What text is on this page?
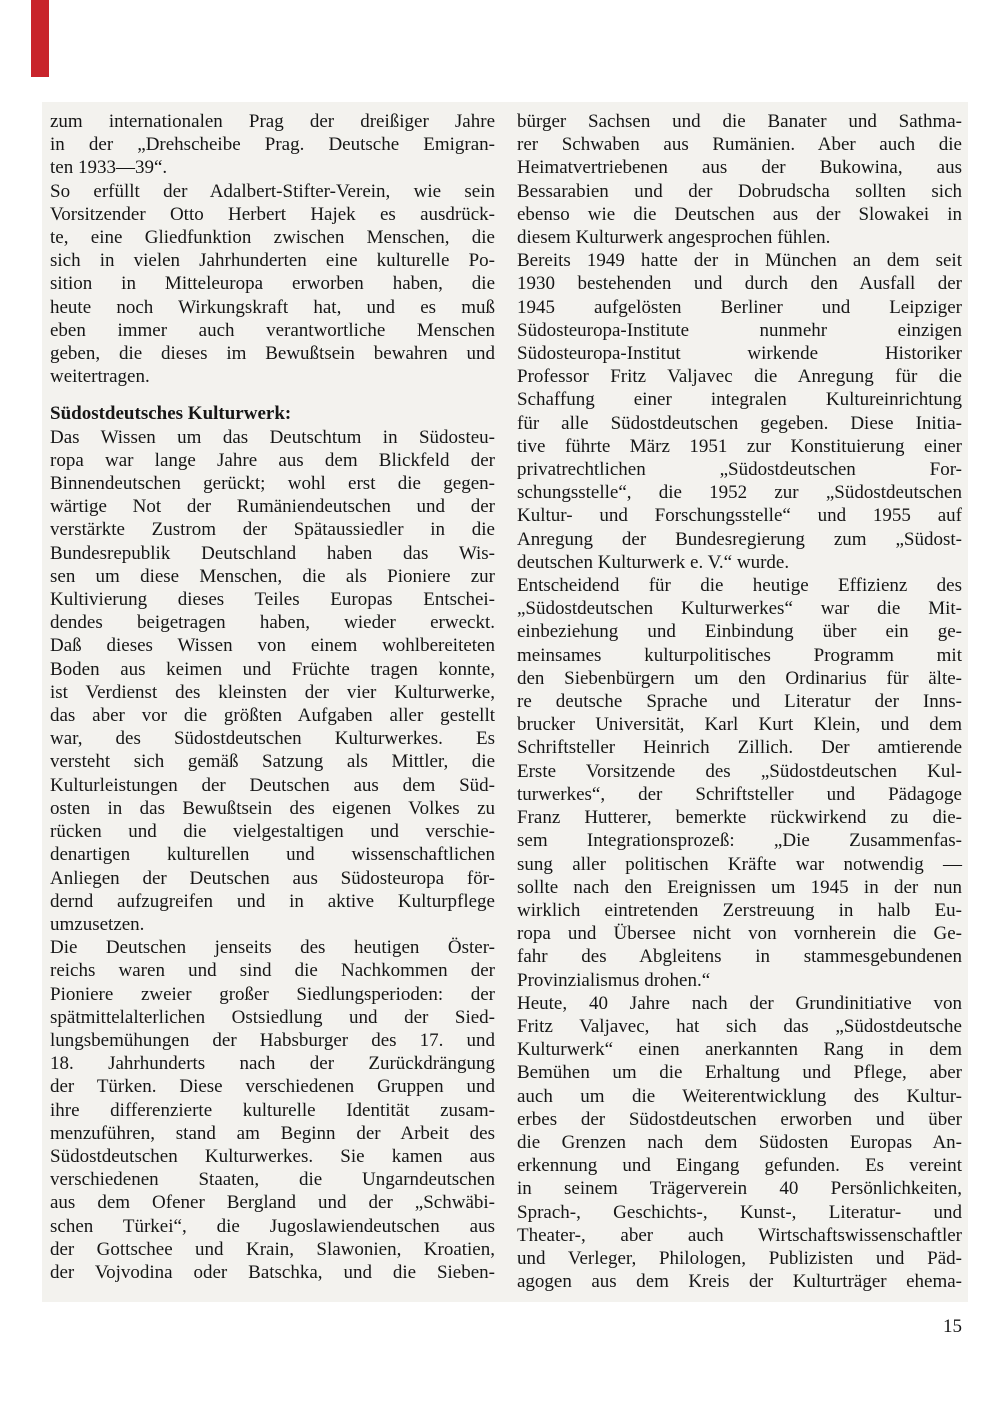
zum internationalen Prag der dreißiger Jahre
in der „Drehscheibe Prag. Deutsche Emigran-
ten 1933—39“.
So erfüllt der Adalbert-Stifter-Verein, wie sein
Vorsitzender Otto Herbert Hajek es ausdrück-
te, eine Gliedfunktion zwischen Menschen, die
sich in vielen Jahrhunderten eine kulturelle Po-
sition in Mitteleuropa erworben haben, die
heute noch Wirkungskraft hat, und es muß
eben immer auch verantwortliche Menschen
geben, die dieses im Bewußtsein bewahren und
weitertragen.
Südostdeutsches Kulturwerk:
Das Wissen um das Deutschtum in Südosteu-
ropa war lange Jahre aus dem Blickfeld der
Binnendeutschen gerückt; wohl erst die gegen-
wärtige Not der Rumäniendeutschen und der
verstärkte Zustrom der Spätaussiedler in die
Bundesrepublik Deutschland haben das Wis-
sen um diese Menschen, die als Pioniere zur
Kultivierung dieses Teiles Europas Entschei-
dendes beigetragen haben, wieder erweckt.
Daß dieses Wissen von einem wohlbereiteten
Boden aus keimen und Früchte tragen konnte,
ist Verdienst des kleinsten der vier Kulturwerke,
das aber vor die größten Aufgaben aller gestellt
war, des Südostdeutschen Kulturwerkes. Es
versteht sich gemäß Satzung als Mittler, die
Kulturleistungen der Deutschen aus dem Süd-
osten in das Bewußtsein des eigenen Volkes zu
rücken und die vielgestaltigen und verschie-
denartigen kulturellen und wissenschaftlichen
Anliegen der Deutschen aus Südosteuropa för-
dernd aufzugreifen und in aktive Kulturpflege
umzusetzen.
Die Deutschen jenseits des heutigen Öster-
reichs waren und sind die Nachkommen der
Pioniere zweier großer Siedlungsperioden: der
spätmittelalterlichen Ostsiedlung und der Sied-
lungsbemühungen der Habsburger des 17. und
18. Jahrhunderts nach der Zurückdrängung
der Türken. Diese verschiedenen Gruppen und
ihre differenzierte kulturelle Identität zusam-
menzuführen, stand am Beginn der Arbeit des
Südostdeutschen Kulturwerkes. Sie kamen aus
verschiedenen Staaten, die Ungarndeutschen
aus dem Ofener Bergland und der „Schwäbi-
schen Türkei“, die Jugoslawiendeutschen aus
der Gottschee und Krain, Slawonien, Kroatien,
der Vojvodina oder Batschka, und die Sieben-
bürger Sachsen und die Banater und Sathma-
rer Schwaben aus Rumänien. Aber auch die
Heimatvertriebenen aus der Bukowina, aus
Bessarabien und der Dobrudscha sollten sich
ebenso wie die Deutschen aus der Slowakei in
diesem Kulturwerk angesprochen fühlen.
Bereits 1949 hatte der in München an dem seit
1930 bestehenden und durch den Ausfall der
1945 aufgelösten Berliner und Leipziger
Südosteuropa-Institute nunmehr einzigen
Südosteuropa-Institut wirkende Historiker
Professor Fritz Valjavec die Anregung für die
Schaffung einer integralen Kultureinrichtung
für alle Südostdeutschen gegeben. Diese Initia-
tive führte März 1951 zur Konstituierung einer
privatrechtlichen „Südostdeutschen For-
schungsstelle“, die 1952 zur „Südostdeutschen
Kultur- und Forschungsstelle“ und 1955 auf
Anregung der Bundesregierung zum „Südost-
deutschen Kulturwerk e. V.“ wurde.
Entscheidend für die heutige Effizienz des
„Südostdeutschen Kulturwerkes“ war die Mit-
einbeziehung und Einbindung über ein ge-
meinsames kulturpolitisches Programm mit
den Siebenbürgern um den Ordinarius für älte-
re deutsche Sprache und Literatur der Inns-
brucker Universität, Karl Kurt Klein, und dem
Schriftsteller Heinrich Zillich. Der amtierende
Erste Vorsitzende des „Südostdeutschen Kul-
turwerkes“, der Schriftsteller und Pädagoge
Franz Hutterer, bemerkte rückwirkend zu die-
sem Integrationsprozeß: „Die Zusammenfas-
sung aller politischen Kräfte war notwendig —
sollte nach den Ereignissen um 1945 in der nun
wirklich eintretenden Zerstreuung in halb Eu-
ropa und Übersee nicht von vornherein die Ge-
fahr des Abgleitens in stammesgebundenen
Provinzialismus drohen.“
Heute, 40 Jahre nach der Grundinitiative von
Fritz Valjavec, hat sich das „Südostdeutsche
Kulturwerk“ einen anerkannten Rang in dem
Bemühen um die Erhaltung und Pflege, aber
auch um die Weiterentwicklung des Kultur-
erbes der Südostdeutschen erworben und über
die Grenzen nach dem Südosten Europas An-
erkennung und Eingang gefunden. Es vereint
in seinem Trägerverein 40 Persönlichkeiten,
Sprach-, Geschichts-, Kunst-, Literatur- und
Theater-, aber auch Wirtschaftswissenschaftler
und Verleger, Philologen, Publizisten und Päd-
agogen aus dem Kreis der Kulturträger ehema-
15
